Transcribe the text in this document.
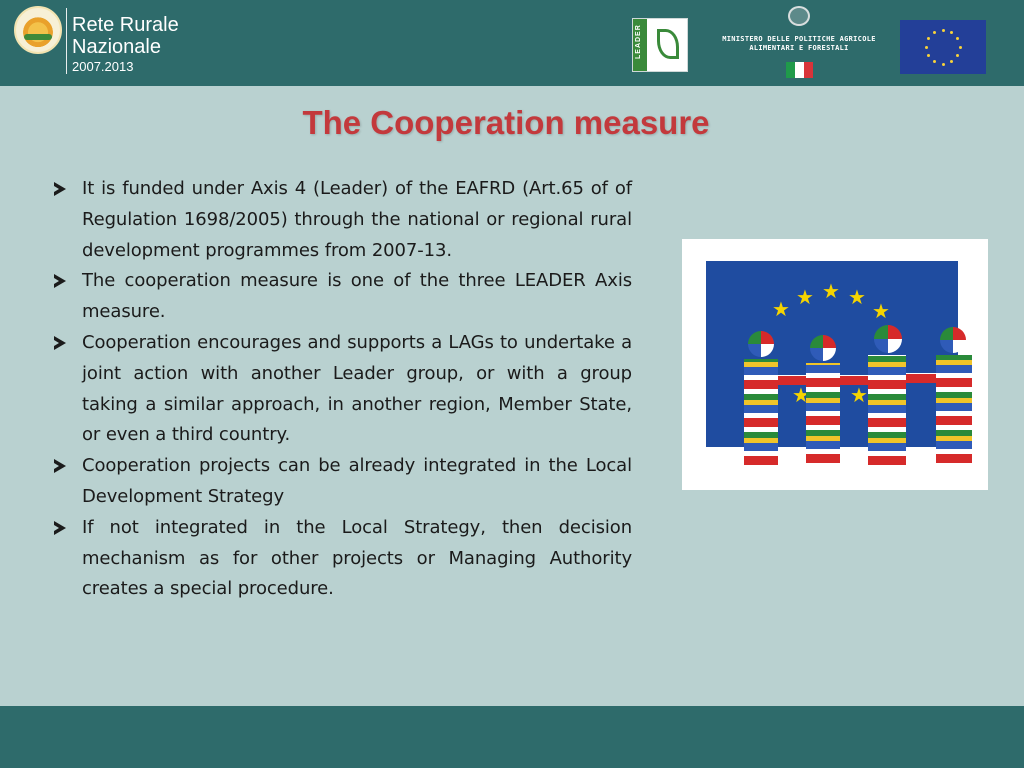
Rete Rurale
Nazionale
2007.2013
LEADER	MINISTERO DELLE POLITICHE AGRICOLE
ALIMENTARI E FORESTALI
The Cooperation measure
It is funded under Axis 4 (Leader) of the EAFRD (Art.65 of of Regulation 1698/2005) through the national or regional rural development programmes from 2007-13.
The cooperation measure is one of the three LEADER Axis measure.
Cooperation encourages and supports a LAGs to undertake a joint action with another Leader group, or with a group taking a similar approach, in another region, Member State, or even a third country.
Cooperation projects can be already integrated in the Local Development Strategy
If not integrated in the Local Strategy, then decision mechanism as for other projects or Managing Authority creates a special procedure.
